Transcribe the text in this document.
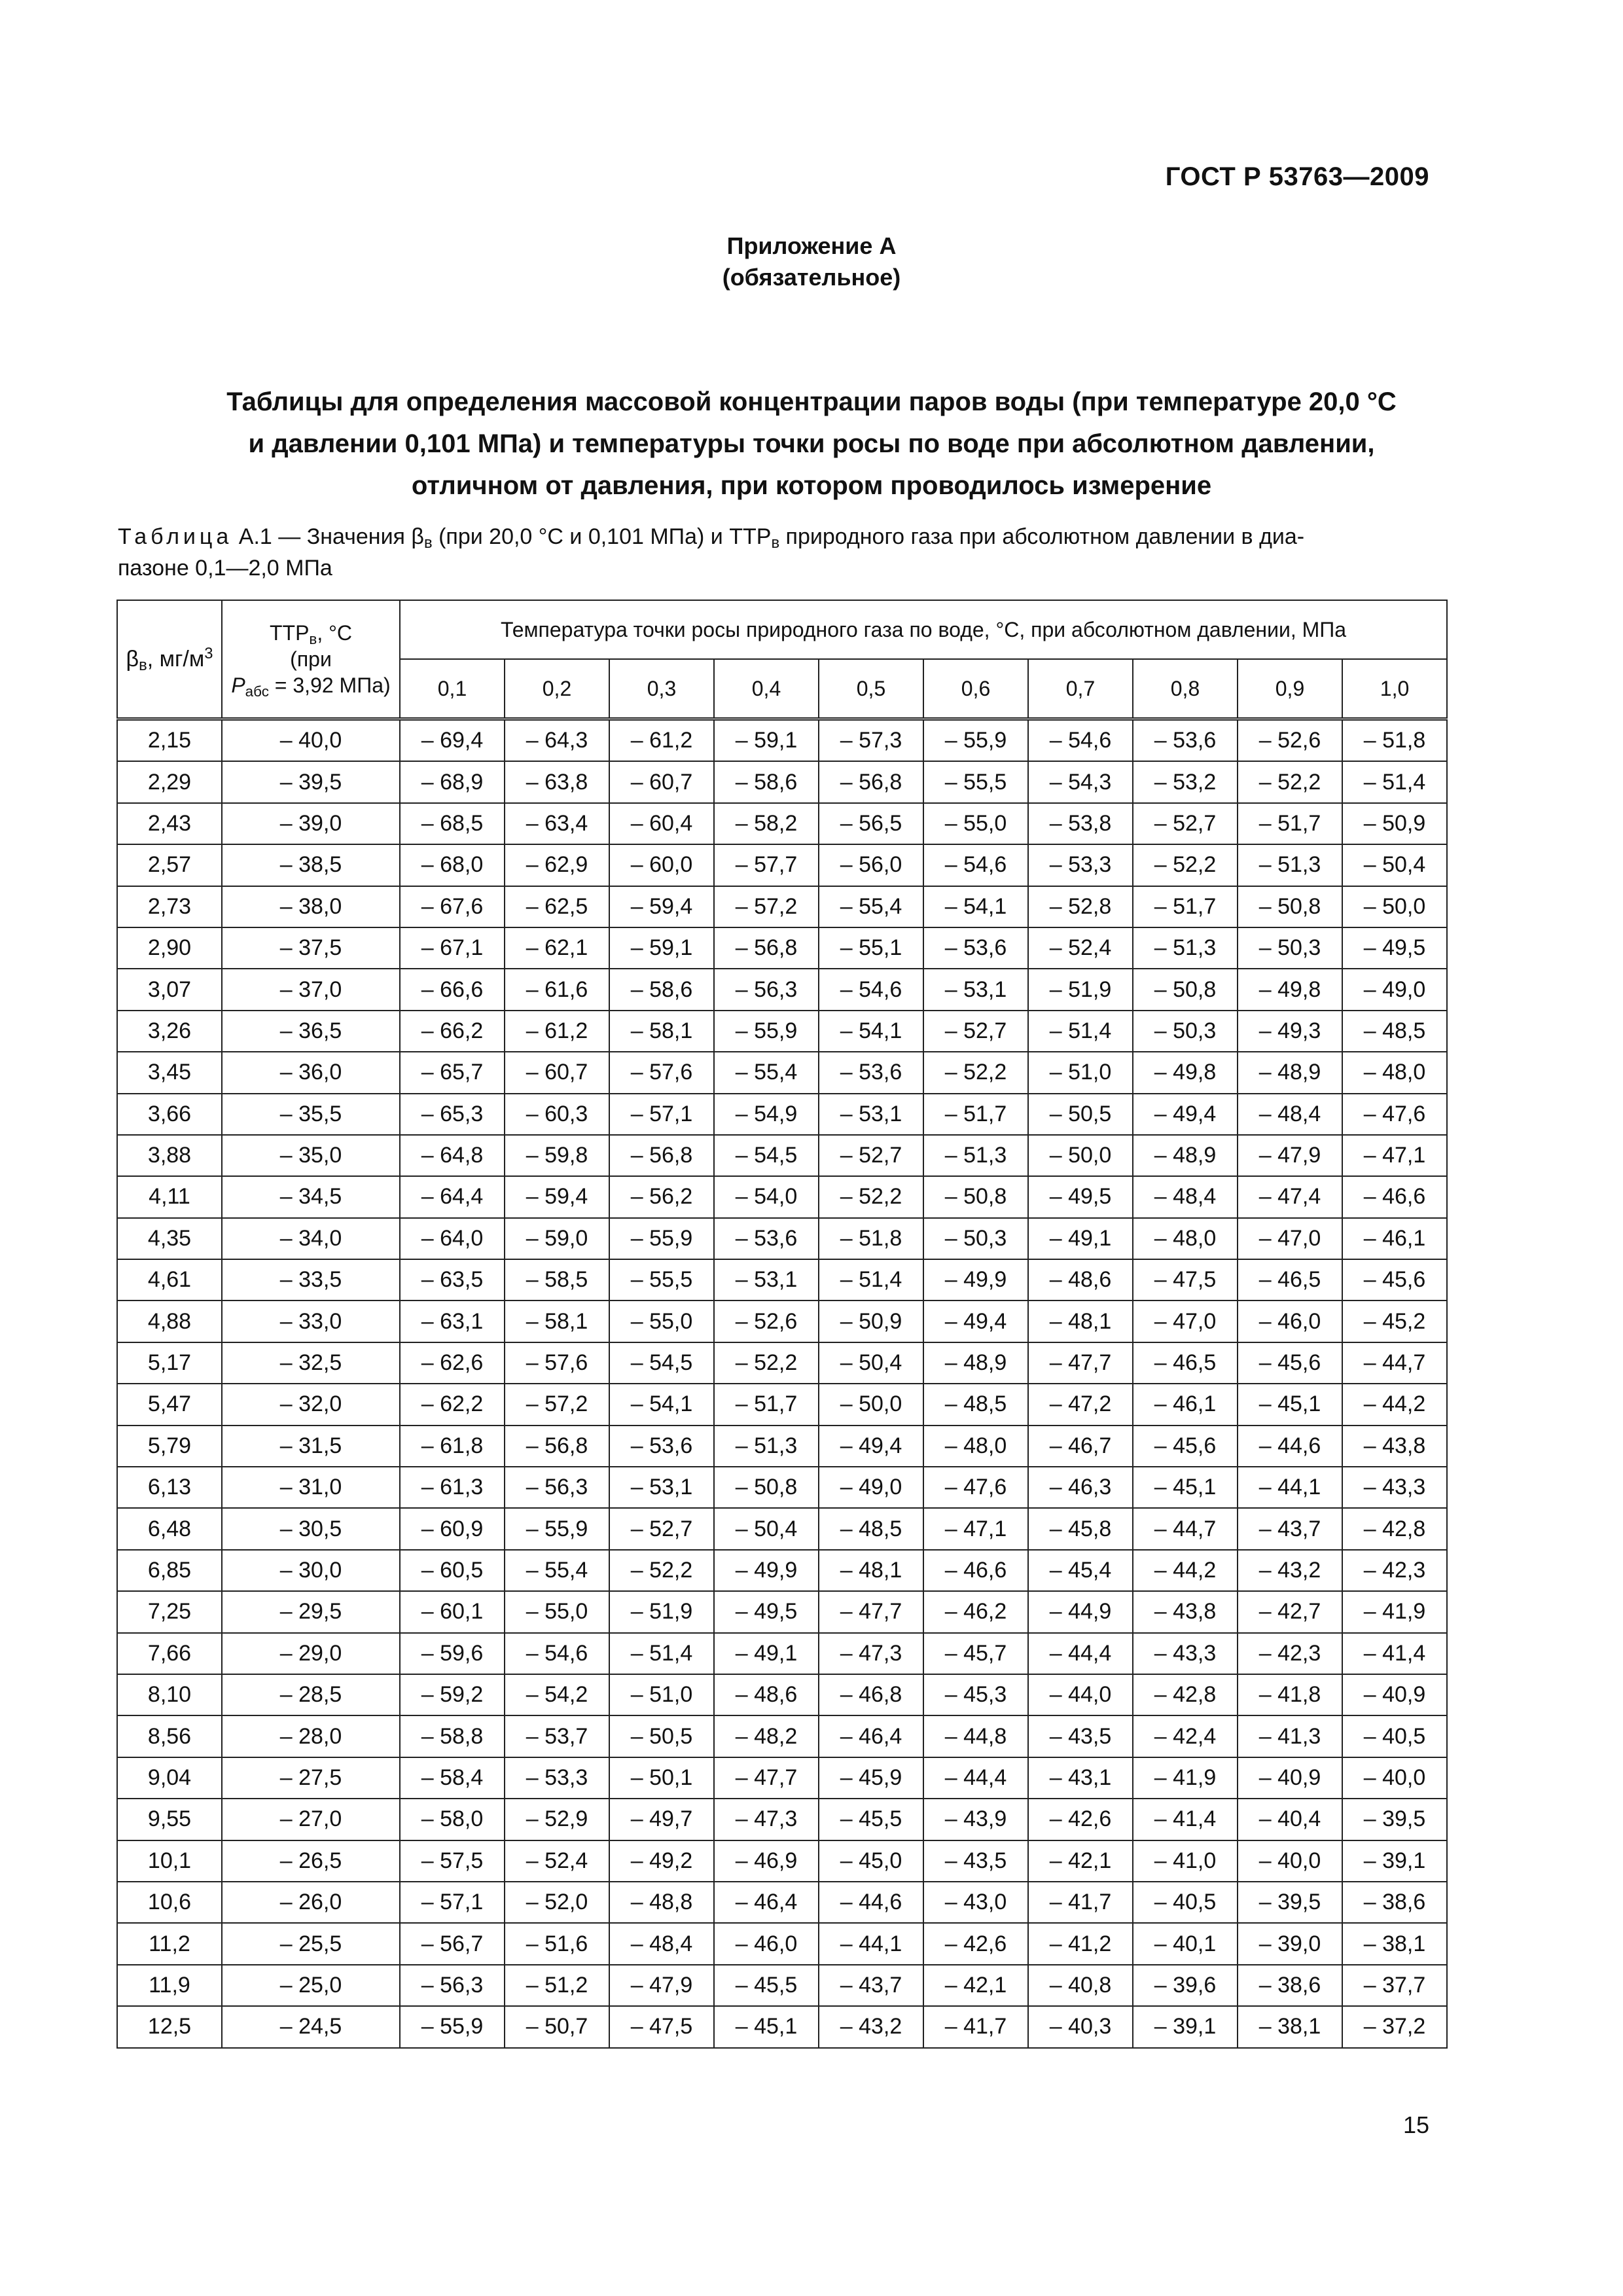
ГОСТ Р 53763—2009
Приложение А
(обязательное)
Таблицы для определения массовой концентрации паров воды (при температуре 20,0 °С
и давлении 0,101 МПа) и температуры точки росы по воде при абсолютном давлении,
отличном от давления, при котором проводилось измерение
Таблица А.1 — Значения $\beta_в$ (при 20,0 °С и 0,101 МПа) и $ТТР_в$ природного газа при абсолютном давлении в диа-
пазоне 0,1—2,0 МПа
$\beta_в$, $мг/м^3$	$ТТР_в$, °С
(при
$Р_{абс} = 3,92$ МПа)	Температура точки росы природного газа по воде, °С, при абсолютном давлении, МПа									
		0,1	0,2	0,3	0,4	0,5	0,6	0,7	0,8	0,9	1,0
2,15	– 40,0	– 69,4	– 64,3	– 61,2	– 59,1	– 57,3	– 55,9	– 54,6	– 53,6	– 52,6	– 51,8
2,29	– 39,5	– 68,9	– 63,8	– 60,7	– 58,6	– 56,8	– 55,5	– 54,3	– 53,2	– 52,2	– 51,4
2,43	– 39,0	– 68,5	– 63,4	– 60,4	– 58,2	– 56,5	– 55,0	– 53,8	– 52,7	– 51,7	– 50,9
2,57	– 38,5	– 68,0	– 62,9	– 60,0	– 57,7	– 56,0	– 54,6	– 53,3	– 52,2	– 51,3	– 50,4
2,73	– 38,0	– 67,6	– 62,5	– 59,4	– 57,2	– 55,4	– 54,1	– 52,8	– 51,7	– 50,8	– 50,0
2,90	– 37,5	– 67,1	– 62,1	– 59,1	– 56,8	– 55,1	– 53,6	– 52,4	– 51,3	– 50,3	– 49,5
3,07	– 37,0	– 66,6	– 61,6	– 58,6	– 56,3	– 54,6	– 53,1	– 51,9	– 50,8	– 49,8	– 49,0
3,26	– 36,5	– 66,2	– 61,2	– 58,1	– 55,9	– 54,1	– 52,7	– 51,4	– 50,3	– 49,3	– 48,5
3,45	– 36,0	– 65,7	– 60,7	– 57,6	– 55,4	– 53,6	– 52,2	– 51,0	– 49,8	– 48,9	– 48,0
3,66	– 35,5	– 65,3	– 60,3	– 57,1	– 54,9	– 53,1	– 51,7	– 50,5	– 49,4	– 48,4	– 47,6
3,88	– 35,0	– 64,8	– 59,8	– 56,8	– 54,5	– 52,7	– 51,3	– 50,0	– 48,9	– 47,9	– 47,1
4,11	– 34,5	– 64,4	– 59,4	– 56,2	– 54,0	– 52,2	– 50,8	– 49,5	– 48,4	– 47,4	– 46,6
4,35	– 34,0	– 64,0	– 59,0	– 55,9	– 53,6	– 51,8	– 50,3	– 49,1	– 48,0	– 47,0	– 46,1
4,61	– 33,5	– 63,5	– 58,5	– 55,5	– 53,1	– 51,4	– 49,9	– 48,6	– 47,5	– 46,5	– 45,6
4,88	– 33,0	– 63,1	– 58,1	– 55,0	– 52,6	– 50,9	– 49,4	– 48,1	– 47,0	– 46,0	– 45,2
5,17	– 32,5	– 62,6	– 57,6	– 54,5	– 52,2	– 50,4	– 48,9	– 47,7	– 46,5	– 45,6	– 44,7
5,47	– 32,0	– 62,2	– 57,2	– 54,1	– 51,7	– 50,0	– 48,5	– 47,2	– 46,1	– 45,1	– 44,2
5,79	– 31,5	– 61,8	– 56,8	– 53,6	– 51,3	– 49,4	– 48,0	– 46,7	– 45,6	– 44,6	– 43,8
6,13	– 31,0	– 61,3	– 56,3	– 53,1	– 50,8	– 49,0	– 47,6	– 46,3	– 45,1	– 44,1	– 43,3
6,48	– 30,5	– 60,9	– 55,9	– 52,7	– 50,4	– 48,5	– 47,1	– 45,8	– 44,7	– 43,7	– 42,8
6,85	– 30,0	– 60,5	– 55,4	– 52,2	– 49,9	– 48,1	– 46,6	– 45,4	– 44,2	– 43,2	– 42,3
7,25	– 29,5	– 60,1	– 55,0	– 51,9	– 49,5	– 47,7	– 46,2	– 44,9	– 43,8	– 42,7	– 41,9
7,66	– 29,0	– 59,6	– 54,6	– 51,4	– 49,1	– 47,3	– 45,7	– 44,4	– 43,3	– 42,3	– 41,4
8,10	– 28,5	– 59,2	– 54,2	– 51,0	– 48,6	– 46,8	– 45,3	– 44,0	– 42,8	– 41,8	– 40,9
8,56	– 28,0	– 58,8	– 53,7	– 50,5	– 48,2	– 46,4	– 44,8	– 43,5	– 42,4	– 41,3	– 40,5
9,04	– 27,5	– 58,4	– 53,3	– 50,1	– 47,7	– 45,9	– 44,4	– 43,1	– 41,9	– 40,9	– 40,0
9,55	– 27,0	– 58,0	– 52,9	– 49,7	– 47,3	– 45,5	– 43,9	– 42,6	– 41,4	– 40,4	– 39,5
10,1	– 26,5	– 57,5	– 52,4	– 49,2	– 46,9	– 45,0	– 43,5	– 42,1	– 41,0	– 40,0	– 39,1
10,6	– 26,0	– 57,1	– 52,0	– 48,8	– 46,4	– 44,6	– 43,0	– 41,7	– 40,5	– 39,5	– 38,6
11,2	– 25,5	– 56,7	– 51,6	– 48,4	– 46,0	– 44,1	– 42,6	– 41,2	– 40,1	– 39,0	– 38,1
11,9	– 25,0	– 56,3	– 51,2	– 47,9	– 45,5	– 43,7	– 42,1	– 40,8	– 39,6	– 38,6	– 37,7
12,5	– 24,5	– 55,9	– 50,7	– 47,5	– 45,1	– 43,2	– 41,7	– 40,3	– 39,1	– 38,1	– 37,2
15
